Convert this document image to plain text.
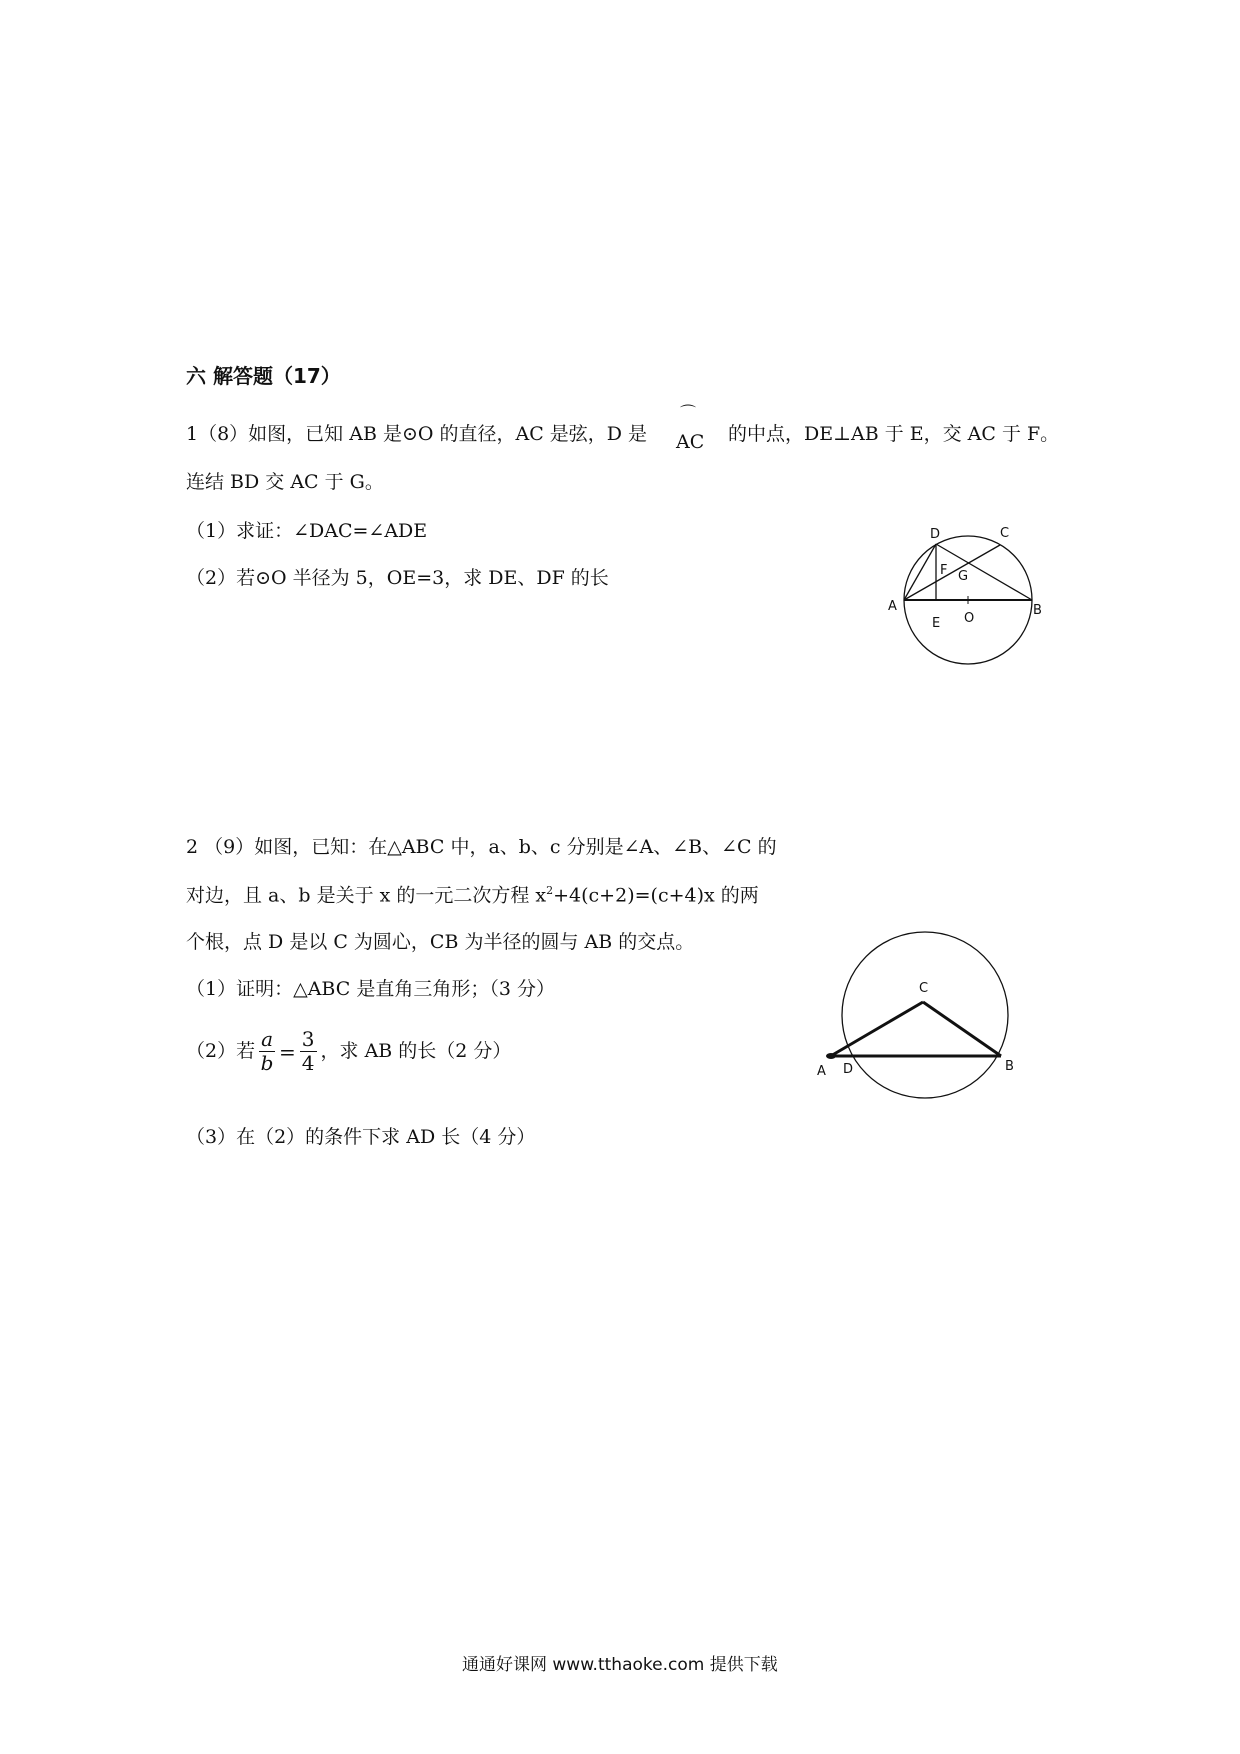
六 解答题（17）
1（8）如图，已知 AB 是⊙O 的直径，AC 是弦，D 是
⌒
AC 的中点，DE⊥AB 于 E，交 AC 于 F。
连结 BD 交 AC 于 G。
（1）求证：∠DAC=∠ADE
（2）若⊙O 半径为 5，OE=3，求 DE、DF 的长
D	C
F G
A
E O
B
2 （9）如图，已知：在△ABC 中，a、b、c 分别是∠A、∠B、∠C 的
对边，且 a、b 是关于 x 的一元二次方程 $x^2+4(c+2)=(c+4)x$ 的两
个根，点 D 是以 C 为圆心，CB 为半径的圆与 AB 的交点。
（1）证明：△ABC 是直角三角形；（3 分）
（2）若 $\frac{a}{b} = \frac{3}{4}$ ，求 AB 的长（2 分）
（3）在（2）的条件下求 AD 长（4 分）
C
A D	B
通通好课网 www.tthaoke.com 提供下载
